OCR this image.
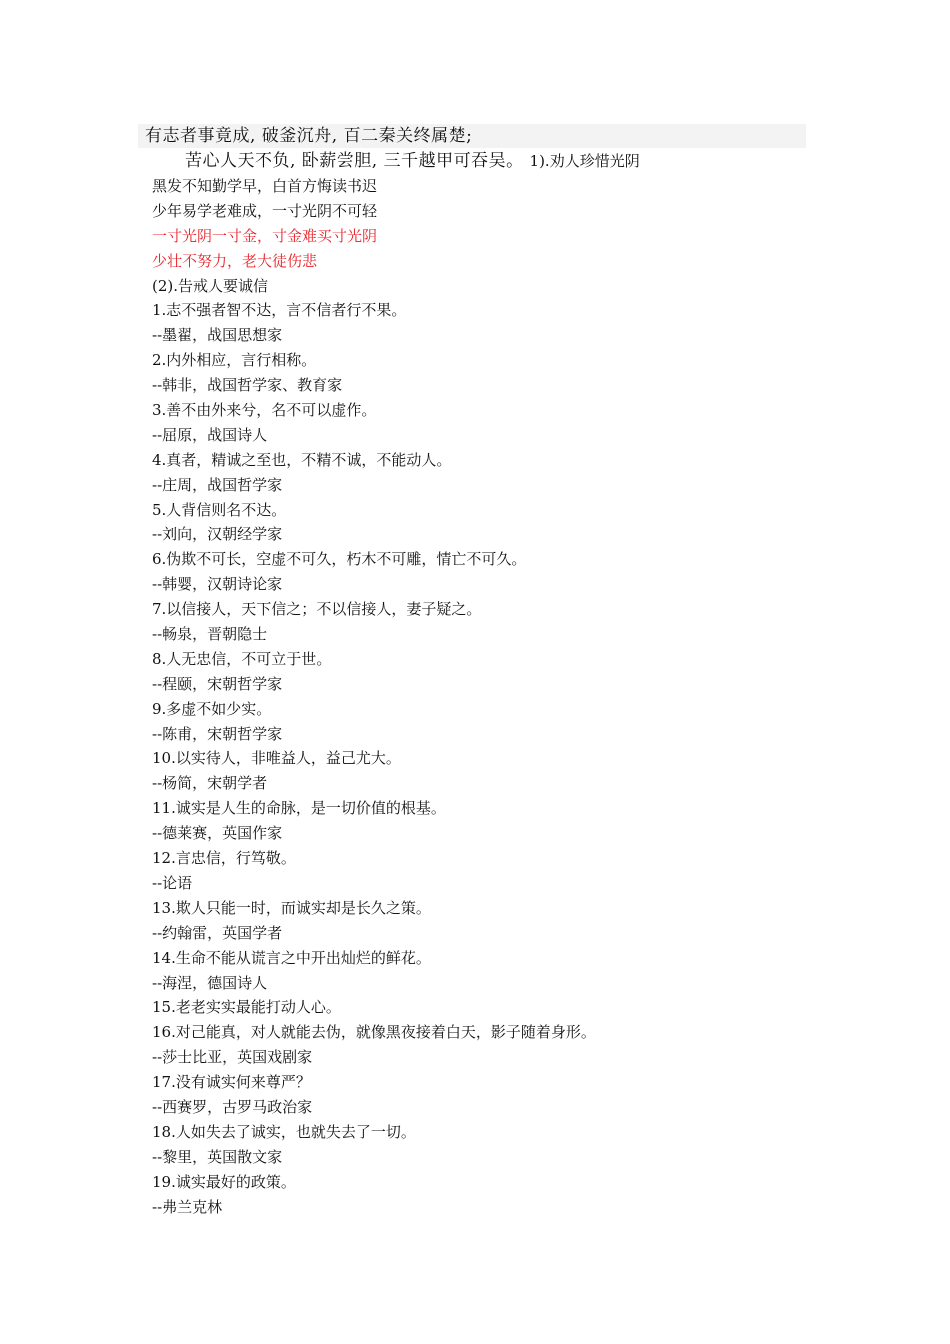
有志者事竟成, 破釜沉舟, 百二秦关终属楚;
苦心人天不负, 卧薪尝胆, 三千越甲可吞吴。 1).劝人珍惜光阴
黑发不知勤学早，白首方悔读书迟
少年易学老难成，一寸光阴不可轻
一寸光阴一寸金，寸金难买寸光阴
少壮不努力，老大徒伤悲
(2).告戒人要诚信
1.志不强者智不达，言不信者行不果。
--墨翟，战国思想家
2.内外相应，言行相称。
--韩非，战国哲学家、教育家
3.善不由外来兮，名不可以虚作。
--屈原，战国诗人
4.真者，精诚之至也，不精不诚，不能动人。
--庄周，战国哲学家
5.人背信则名不达。
--刘向，汉朝经学家
6.伪欺不可长，空虚不可久，朽木不可雕，情亡不可久。
--韩婴，汉朝诗论家
7.以信接人，天下信之；不以信接人，妻子疑之。
--畅泉，晋朝隐士
8.人无忠信，不可立于世。
--程颐，宋朝哲学家
9.多虚不如少实。
--陈甫，宋朝哲学家
10.以实待人，非唯益人，益己尤大。
--杨简，宋朝学者
11.诚实是人生的命脉，是一切价值的根基。
--德莱赛，英国作家
12.言忠信，行笃敬。
--论语
13.欺人只能一时，而诚实却是长久之策。
--约翰雷，英国学者
14.生命不能从谎言之中开出灿烂的鲜花。
--海涅，德国诗人
15.老老实实最能打动人心。
16.对己能真，对人就能去伪，就像黑夜接着白天，影子随着身形。
--莎士比亚，英国戏剧家
17.没有诚实何来尊严？
--西赛罗，古罗马政治家
18.人如失去了诚实，也就失去了一切。
--黎里，英国散文家
19.诚实最好的政策。
--弗兰克林
